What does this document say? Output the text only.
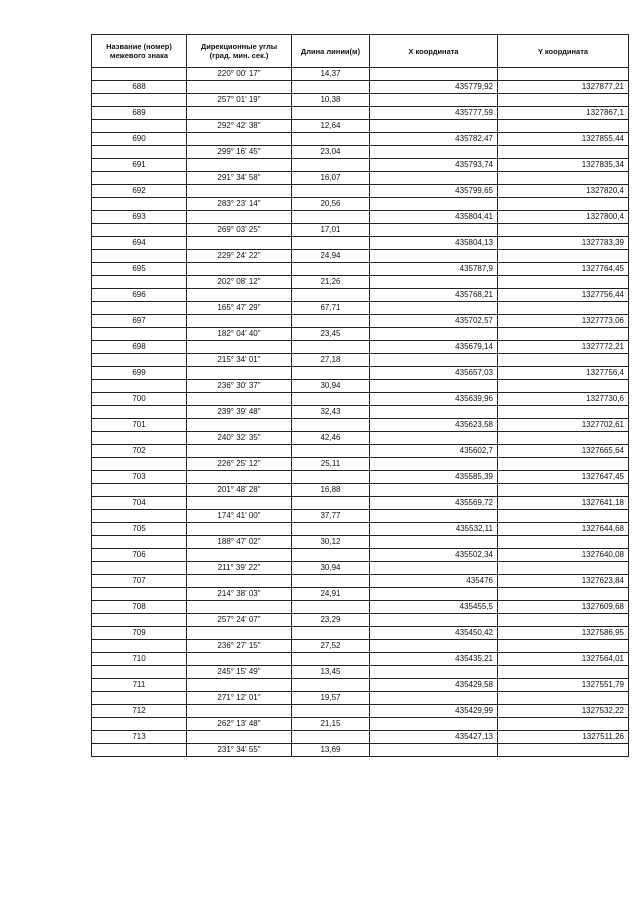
Название (номер) межевого знака	Дирекционные углы (град. мин. сек.)	Длина линии(м)	X координата	Y координата
	220° 00' 17"	14,37		
688			435779,92	1327877,21
	257° 01' 19"	10,38		
689			435777,59	1327867,1
	292° 42' 38"	12,64		
690			435782,47	1327855,44
	299° 16' 45"	23,04		
691			435793,74	1327835,34
	291° 34' 58"	16,07		
692			435799,65	1327820,4
	283° 23' 14"	20,56		
693			435804,41	1327800,4
	269° 03' 25"	17,01		
694			435804,13	1327783,39
	229° 24' 22"	24,94		
695			435787,9	1327764,45
	202° 08' 12"	21,26		
696			435768,21	1327756,44
	165° 47' 29"	67,71		
697			435702,57	1327773,06
	182° 04' 40"	23,45		
698			435679,14	1327772,21
	215° 34' 01"	27,18		
699			435657,03	1327756,4
	236° 30' 37"	30,94		
700			435639,96	1327730,6
	239° 39' 48"	32,43		
701			435623,58	1327702,61
	240° 32' 35"	42,46		
702			435602,7	1327665,64
	226° 25' 12"	25,11		
703			435585,39	1327647,45
	201° 48' 28"	16,88		
704			435569,72	1327641,18
	174° 41' 00"	37,77		
705			435532,11	1327644,68
	188° 47' 02"	30,12		
706			435502,34	1327640,08
	211° 39' 22"	30,94		
707			435476	1327623,84
	214° 38' 03"	24,91		
708			435455,5	1327609,68
	257° 24' 07"	23,29		
709			435450,42	1327586,95
	236° 27' 15"	27,52		
710			435435,21	1327564,01
	245° 15' 49"	13,45		
711			435429,58	1327551,79
	271° 12' 01"	19,57		
712			435429,99	1327532,22
	262° 13' 48"	21,15		
713			435427,13	1327511,26
	231° 34' 55"	13,69		
